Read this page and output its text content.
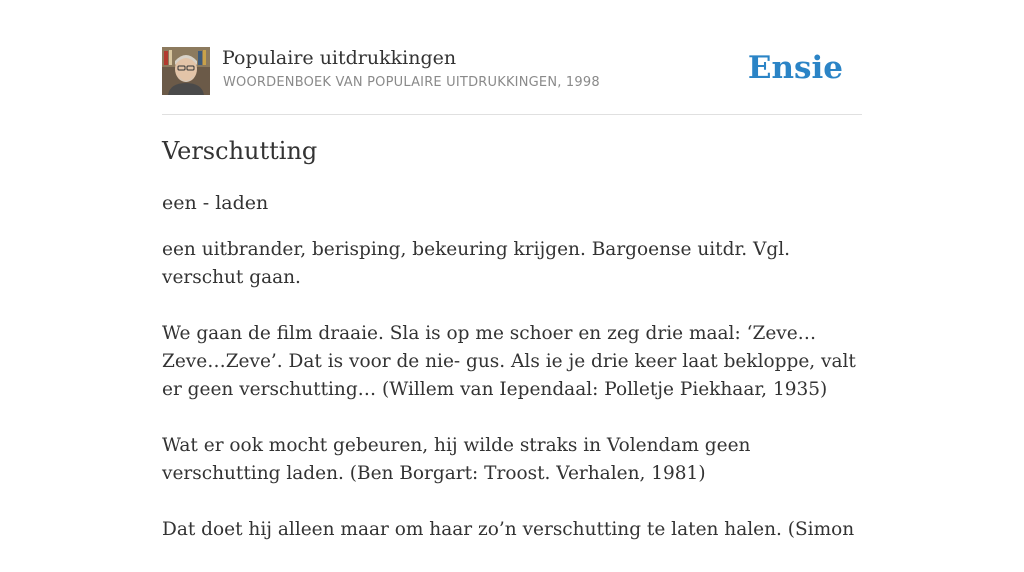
Populaire uitdrukkingen
WOORDENBOEK VAN POPULAIRE UITDRUKKINGEN, 1998	Ensie
Verschutting
een - laden

een uitbrander, berisping, bekeuring krijgen. Bargoense uitdr. Vgl. verschut gaan.

We gaan de film draaie. Sla is op me schoer en zeg drie maal: ‘Zeve…Zeve…Zeve’. Dat is voor de nie- gus. Als ie je drie keer laat bekloppe, valt er geen verschutting… (Willem van Iependaal: Polletje Piekhaar, 1935)

Wat er ook mocht gebeuren, hij wilde straks in Volendam geen verschutting laden. (Ben Borgart: Troost. Verhalen, 1981)

Dat doet hij alleen maar om haar zo’n verschutting te laten halen. (Simon
